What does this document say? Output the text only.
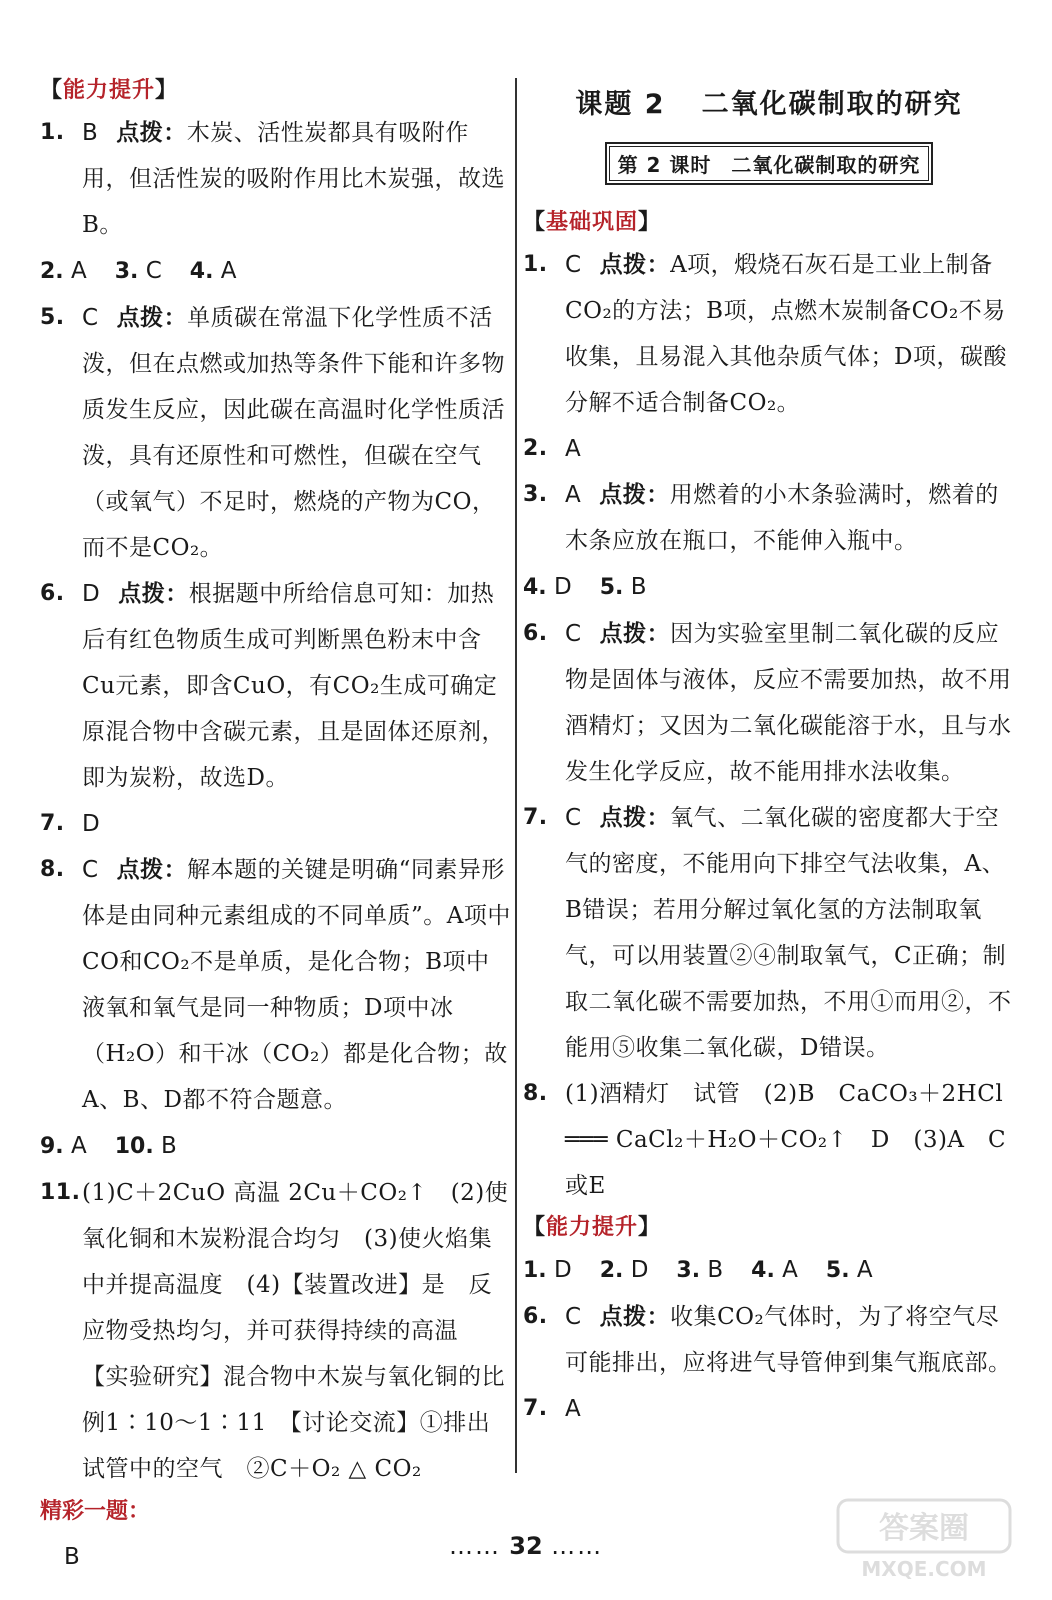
【能力提升】
1. B 点拨：木炭、活性炭都具有吸附作用，但活性炭的吸附作用比木炭强，故选B。
2. A 3. C 4. A
5. C 点拨：单质碳在常温下化学性质不活泼，但在点燃或加热等条件下能和许多物质发生反应，因此碳在高温时化学性质活泼，具有还原性和可燃性，但碳在空气（或氧气）不足时，燃烧的产物为CO，而不是CO₂。
6. D 点拨：根据题中所给信息可知：加热后有红色物质生成可判断黑色粉末中含Cu元素，即含CuO，有CO₂生成可确定原混合物中含碳元素，且是固体还原剂，即为炭粉，故选D。
7. D
8. C 点拨：解本题的关键是明确“同素异形体是由同种元素组成的不同单质”。A项中CO和CO₂不是单质，是化合物；B项中液氧和氧气是同一种物质；D项中冰（H₂O）和干冰（CO₂）都是化合物；故A、B、D都不符合题意。
9. A 10. B
11. (1)C＋2CuO 高温 2Cu＋CO₂↑　(2)使氧化铜和木炭粉混合均匀　(3)使火焰集中并提高温度　(4)【装置改进】是　反应物受热均匀，并可获得持续的高温　【实验研究】混合物中木炭与氧化铜的比例1∶10～1∶11　【讨论交流】①排出试管中的空气　②C＋O₂ △ CO₂
精彩一题：
B
课题 2 二氧化碳制取的研究
第 2 课时 二氧化碳制取的研究
【基础巩固】
1. C 点拨：A项，煅烧石灰石是工业上制备CO₂的方法；B项，点燃木炭制备CO₂不易收集，且易混入其他杂质气体；D项，碳酸分解不适合制备CO₂。
2. A
3. A 点拨：用燃着的小木条验满时，燃着的木条应放在瓶口，不能伸入瓶中。
4. D 5. B
6. C 点拨：因为实验室里制二氧化碳的反应物是固体与液体，反应不需要加热，故不用酒精灯；又因为二氧化碳能溶于水，且与水发生化学反应，故不能用排水法收集。
7. C 点拨：氧气、二氧化碳的密度都大于空气的密度，不能用向下排空气法收集，A、B错误；若用分解过氧化氢的方法制取氧气，可以用装置②④制取氧气，C正确；制取二氧化碳不需要加热，不用①而用②，不能用⑤收集二氧化碳，D错误。
8. (1)酒精灯　试管　(2)B　CaCO₃＋2HCl ═══ CaCl₂＋H₂O＋CO₂↑　D　(3)A　C或E
【能力提升】
1. D 2. D 3. B 4. A 5. A
6. C 点拨：收集CO₂气体时，为了将空气尽可能排出，应将进气导管伸到集气瓶底部。
7. A
…… 32 ……	答案圈
MXQE.COM
